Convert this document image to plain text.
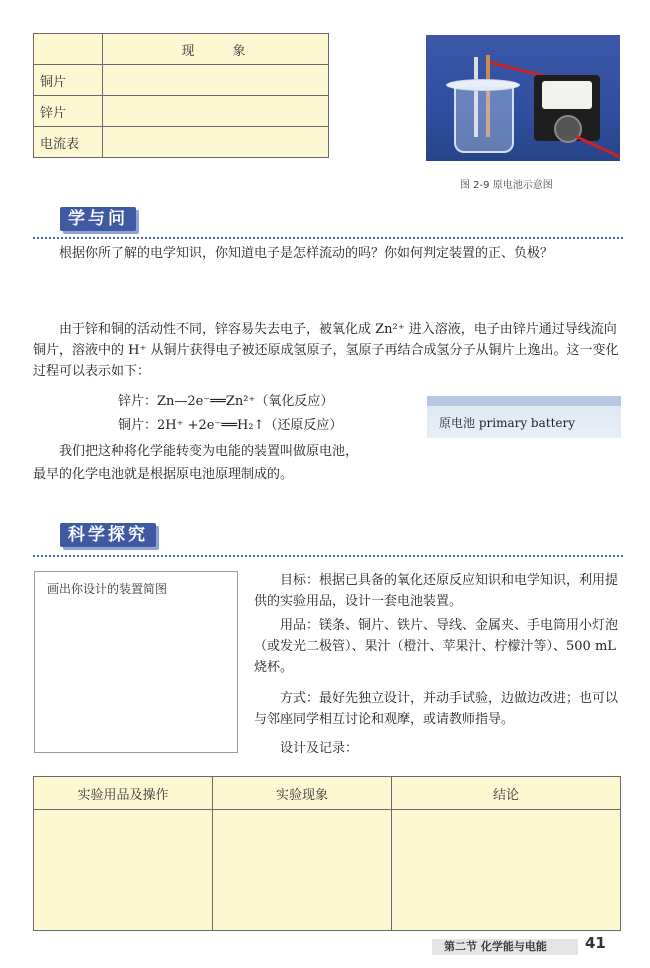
	现象
铜片	
锌片	
电流表	
图 2-9 原电池示意图
学与问
根据你所了解的电学知识，你知道电子是怎样流动的吗？你如何判定装置的正、负极？
由于锌和铜的活动性不同，锌容易失去电子，被氧化成 Zn²⁺ 进入溶液，电子由锌片通过导线流向铜片，溶液中的 H⁺ 从铜片获得电子被还原成氢原子，氢原子再结合成氢分子从铜片上逸出。这一变化过程可以表示如下：
锌片：Zn—2e⁻══Zn²⁺（氧化反应）
铜片：2H⁺ +2e⁻══H₂↑（还原反应）	原电池 primary battery
我们把这种将化学能转变为电能的装置叫做原电池，
最早的化学电池就是根据原电池原理制成的。
科学探究
画出你设计的装置简图
目标：根据已具备的氧化还原反应知识和电学知识，利用提供的实验用品，设计一套电池装置。
用品：镁条、铜片、铁片、导线、金属夹、手电筒用小灯泡（或发光二极管）、果汁（橙汁、苹果汁、柠檬汁等）、500 mL烧杯。
方式：最好先独立设计，并动手试验，边做边改进；也可以与邻座同学相互讨论和观摩，或请教师指导。
设计及记录：
实验用品及操作	实验现象	结论

第二节 化学能与电能	41
